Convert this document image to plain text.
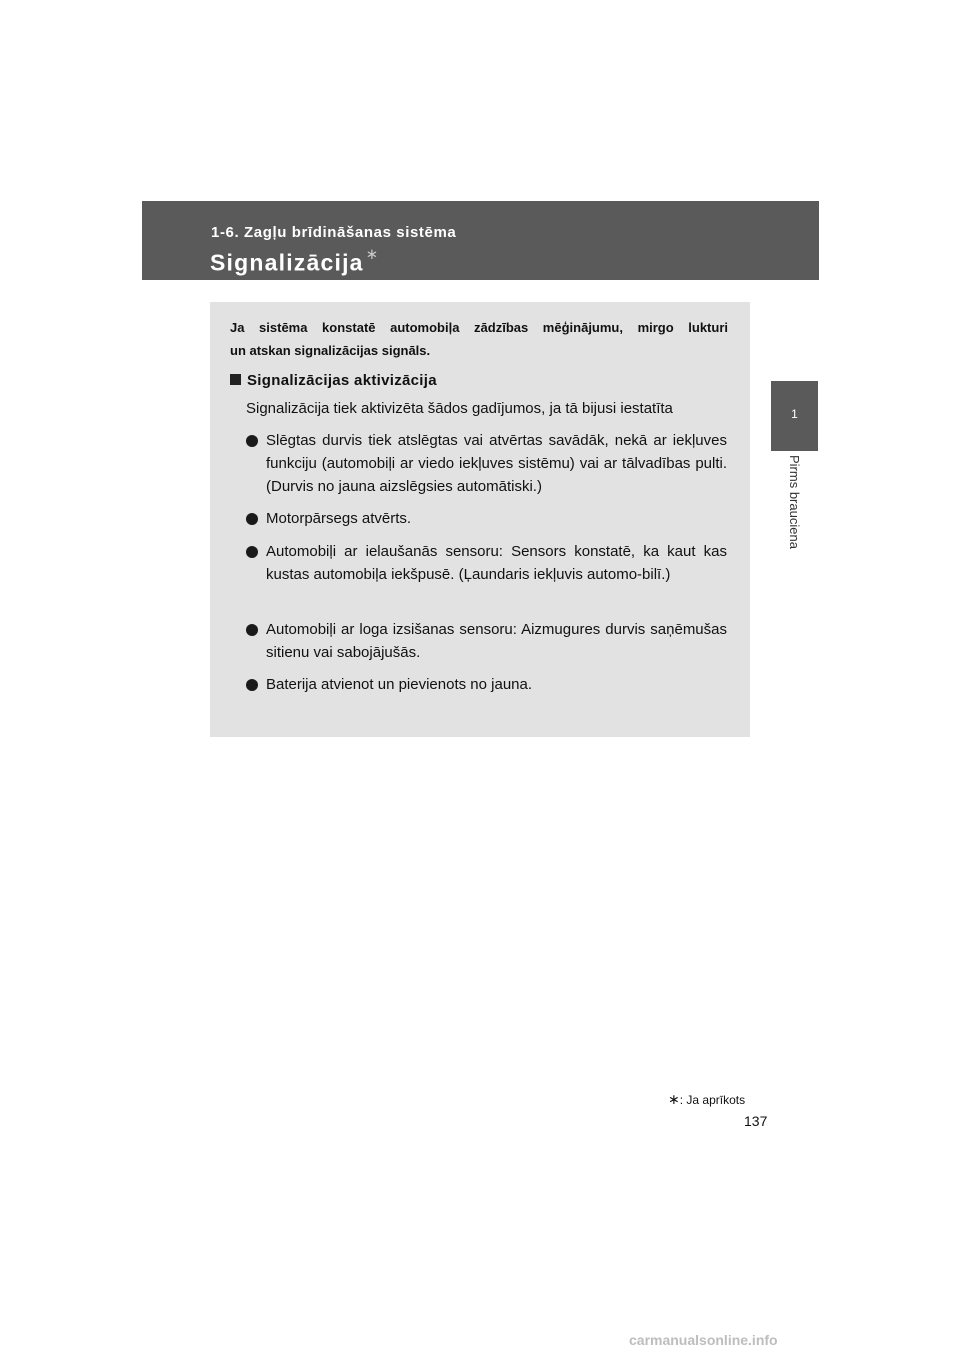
1-6. Zagļu brīdināšanas sistēma
Signalizācija ∗
1
Pirms brauciena
Ja sistēma konstatē automobiļa zādzības mēģinājumu, mirgo lukturi
un atskan signalizācijas signāls.
Signalizācijas aktivizācija
Signalizācija tiek aktivizēta šādos gadījumos, ja tā bijusi iestatīta
Slēgtas durvis tiek atslēgtas vai atvērtas savādāk, nekā ar iekļuves funkciju (automobiļi ar viedo iekļuves sistēmu) vai ar tālvadības pulti. (Durvis no jauna aizslēgsies automātiski.)
Motorpārsegs atvērts.
Automobiļi ar ielaušanās sensoru: Sensors konstatē, ka kaut kas kustas automobiļa iekšpusē. (Ļaundaris iekļuvis automo-bilī.)
Automobiļi ar loga izsišanas sensoru: Aizmugures durvis saņēmušas sitienu vai sabojājušās.
Baterija atvienot un pievienots no jauna.
∗: Ja aprīkots
137
carmanualsonline.info
